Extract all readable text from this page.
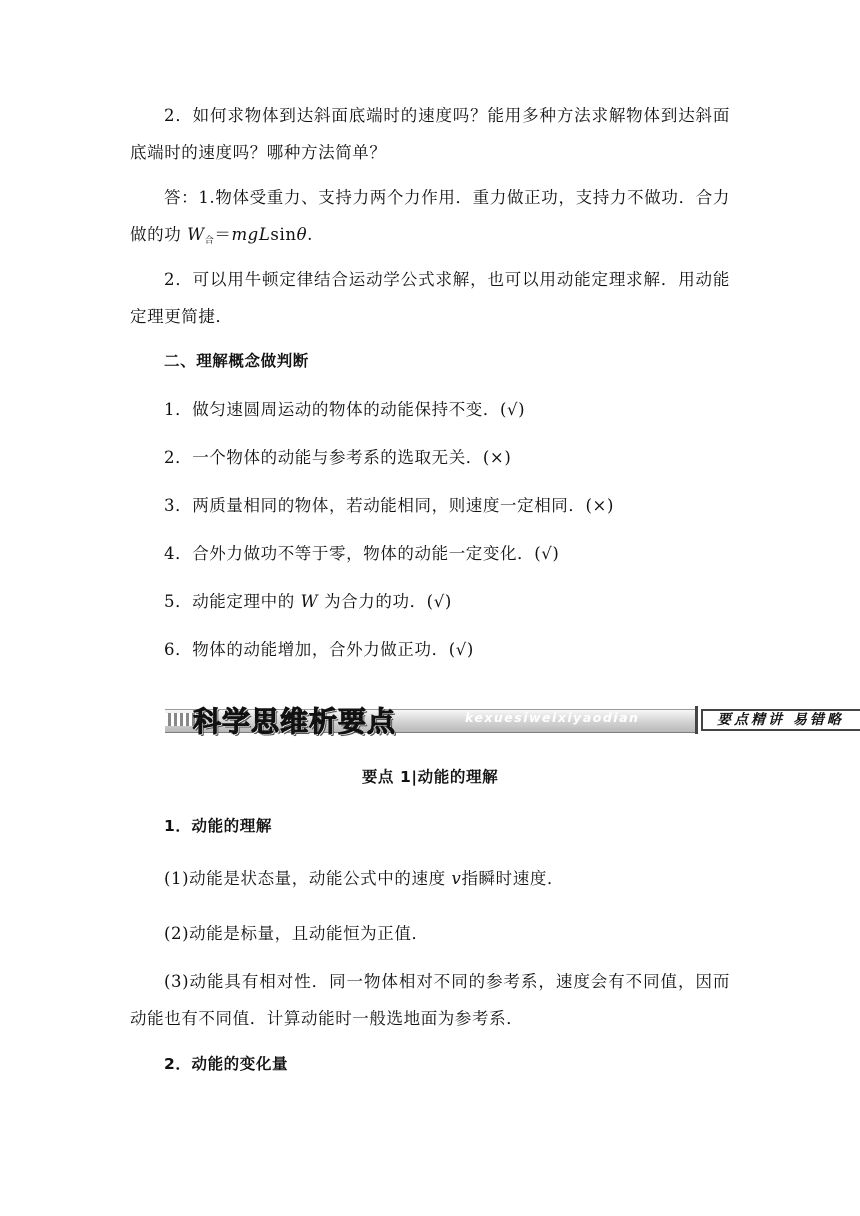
2．如何求物体到达斜面底端时的速度吗？能用多种方法求解物体到达斜面底端时的速度吗？哪种方法简单？

答：1.物体受重力、支持力两个力作用．重力做正功，支持力不做功．合力做的功 $W_合=mgLsin\theta$.

2．可以用牛顿定律结合运动学公式求解，也可以用动能定理求解．用动能定理更简捷．

二、理解概念做判断

1．做匀速圆周运动的物体的动能保持不变．(√)

2．一个物体的动能与参考系的选取无关．(×)

3．两质量相同的物体，若动能相同，则速度一定相同．(×)

4．合外力做功不等于零，物体的动能一定变化．(√)

5．动能定理中的 W 为合力的功．(√)

6．物体的动能增加，合外力做正功．(√)

科学思维析要点	kexuesiweixiyaodian	要点精讲 易错略

要点 1|动能的理解

1．动能的理解

(1)动能是状态量，动能公式中的速度 v指瞬时速度．

(2)动能是标量，且动能恒为正值．

(3)动能具有相对性．同一物体相对不同的参考系，速度会有不同值，因而动能也有不同值．计算动能时一般选地面为参考系．

2．动能的变化量
